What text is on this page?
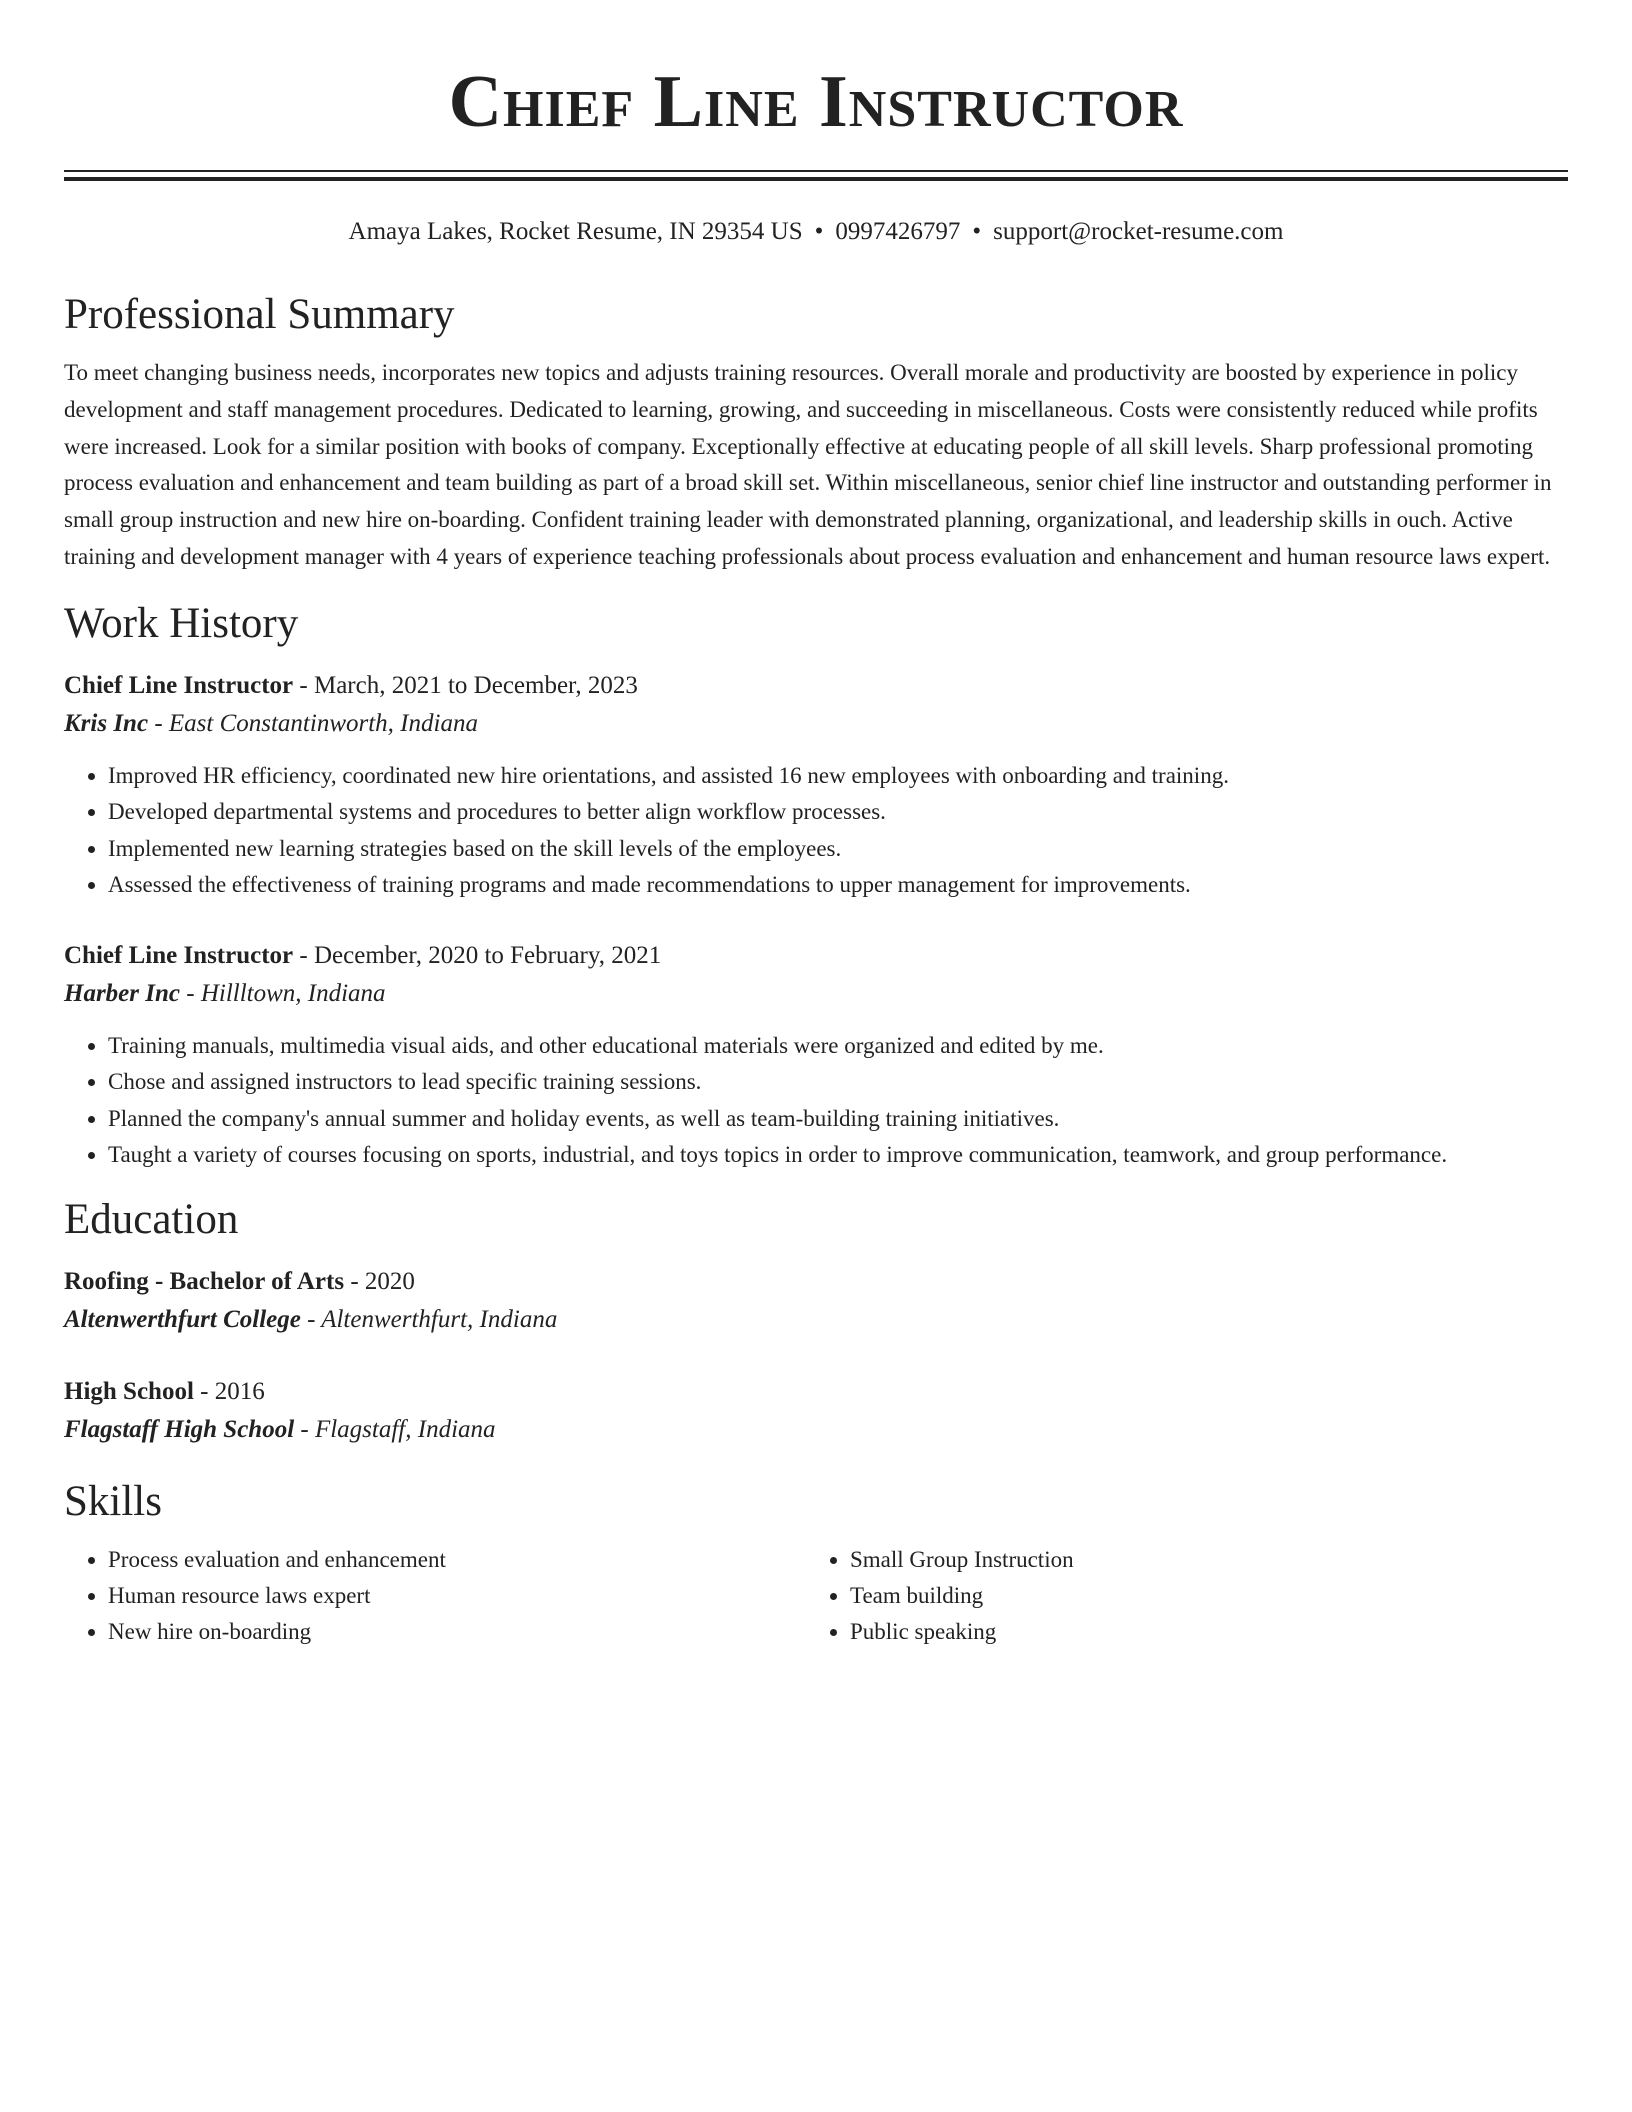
Chief Line Instructor
Amaya Lakes, Rocket Resume, IN 29354 US • 0997426797 • support@rocket-resume.com
Professional Summary
To meet changing business needs, incorporates new topics and adjusts training resources. Overall morale and productivity are boosted by experience in policy development and staff management procedures. Dedicated to learning, growing, and succeeding in miscellaneous. Costs were consistently reduced while profits were increased. Look for a similar position with books of company. Exceptionally effective at educating people of all skill levels. Sharp professional promoting process evaluation and enhancement and team building as part of a broad skill set. Within miscellaneous, senior chief line instructor and outstanding performer in small group instruction and new hire on-boarding. Confident training leader with demonstrated planning, organizational, and leadership skills in ouch. Active training and development manager with 4 years of experience teaching professionals about process evaluation and enhancement and human resource laws expert.
Work History
Chief Line Instructor - March, 2021 to December, 2023
Kris Inc - East Constantinworth, Indiana
• Improved HR efficiency, coordinated new hire orientations, and assisted 16 new employees with onboarding and training.
• Developed departmental systems and procedures to better align workflow processes.
• Implemented new learning strategies based on the skill levels of the employees.
• Assessed the effectiveness of training programs and made recommendations to upper management for improvements.
Chief Line Instructor - December, 2020 to February, 2021
Harber Inc - Hillltown, Indiana
• Training manuals, multimedia visual aids, and other educational materials were organized and edited by me.
• Chose and assigned instructors to lead specific training sessions.
• Planned the company's annual summer and holiday events, as well as team-building training initiatives.
• Taught a variety of courses focusing on sports, industrial, and toys topics in order to improve communication, teamwork, and group performance.
Education
Roofing - Bachelor of Arts - 2020
Altenwerthfurt College - Altenwerthfurt, Indiana
High School - 2016
Flagstaff High School - Flagstaff, Indiana
Skills
• Process evaluation and enhancement
• Human resource laws expert
• New hire on-boarding
• Small Group Instruction
• Team building
• Public speaking
